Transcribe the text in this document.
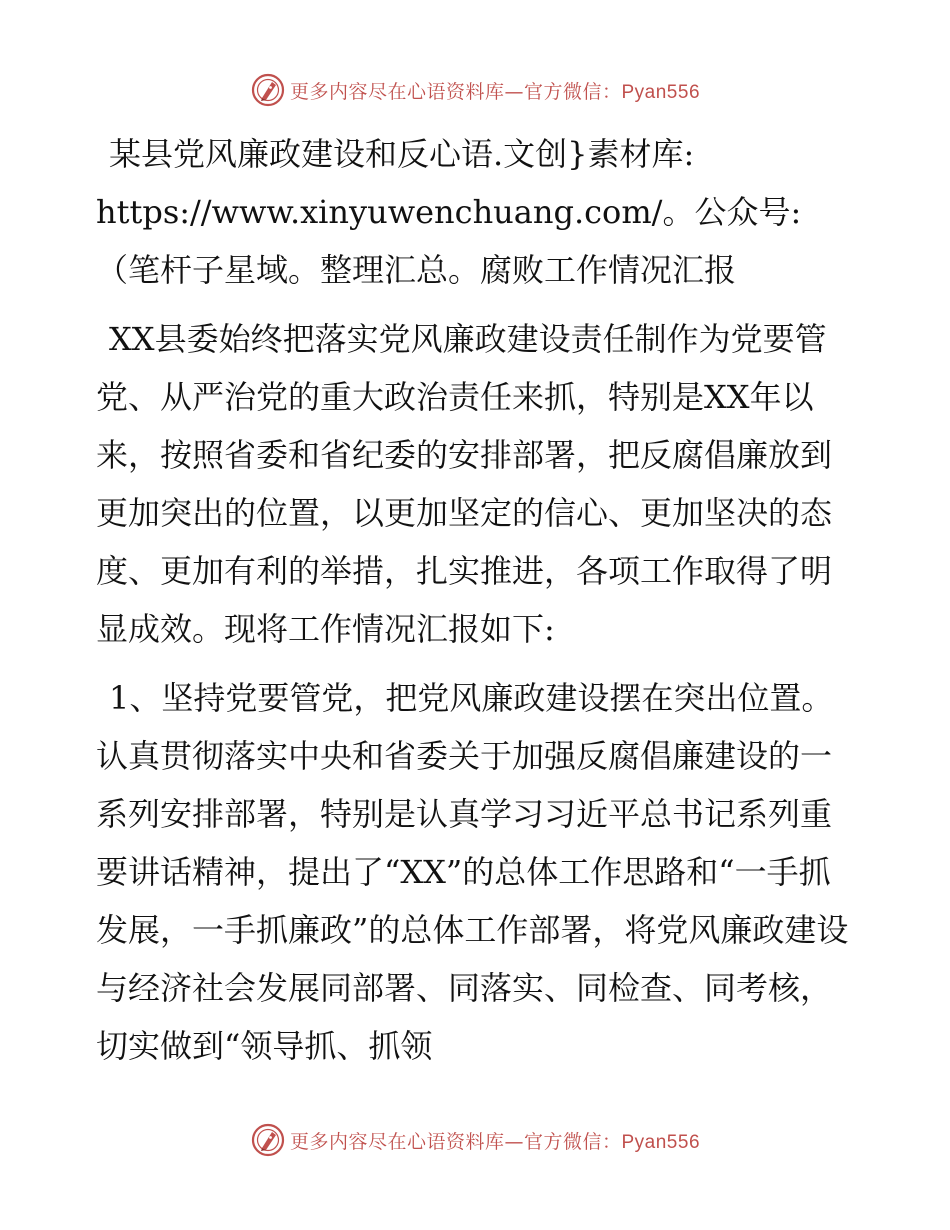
更多内容尽在心语资料库—官方微信：Pyan556
某县党风廉政建设和反心语.文创}素材库:
https://www.xinyuwenchuang.com/。公众号:
（笔杆子星域。整理汇总。腐败工作情况汇报

XX县委始终把落实党风廉政建设责任制作为党要管党、从严治党的重大政治责任来抓，特别是XX年以来，按照省委和省纪委的安排部署，把反腐倡廉放到更加突出的位置，以更加坚定的信心、更加坚决的态度、更加有利的举措，扎实推进，各项工作取得了明显成效。现将工作情况汇报如下:

1、坚持党要管党，把党风廉政建设摆在突出位置。认真贯彻落实中央和省委关于加强反腐倡廉建设的一系列安排部署，特别是认真学习习近平总书记系列重要讲话精神，提出了“XX”的总体工作思路和“一手抓发展，一手抓廉政”的总体工作部署，将党风廉政建设与经济社会发展同部署、同落实、同检查、同考核，切实做到“领导抓、抓领

更多内容尽在心语资料库—官方微信：Pyan556
